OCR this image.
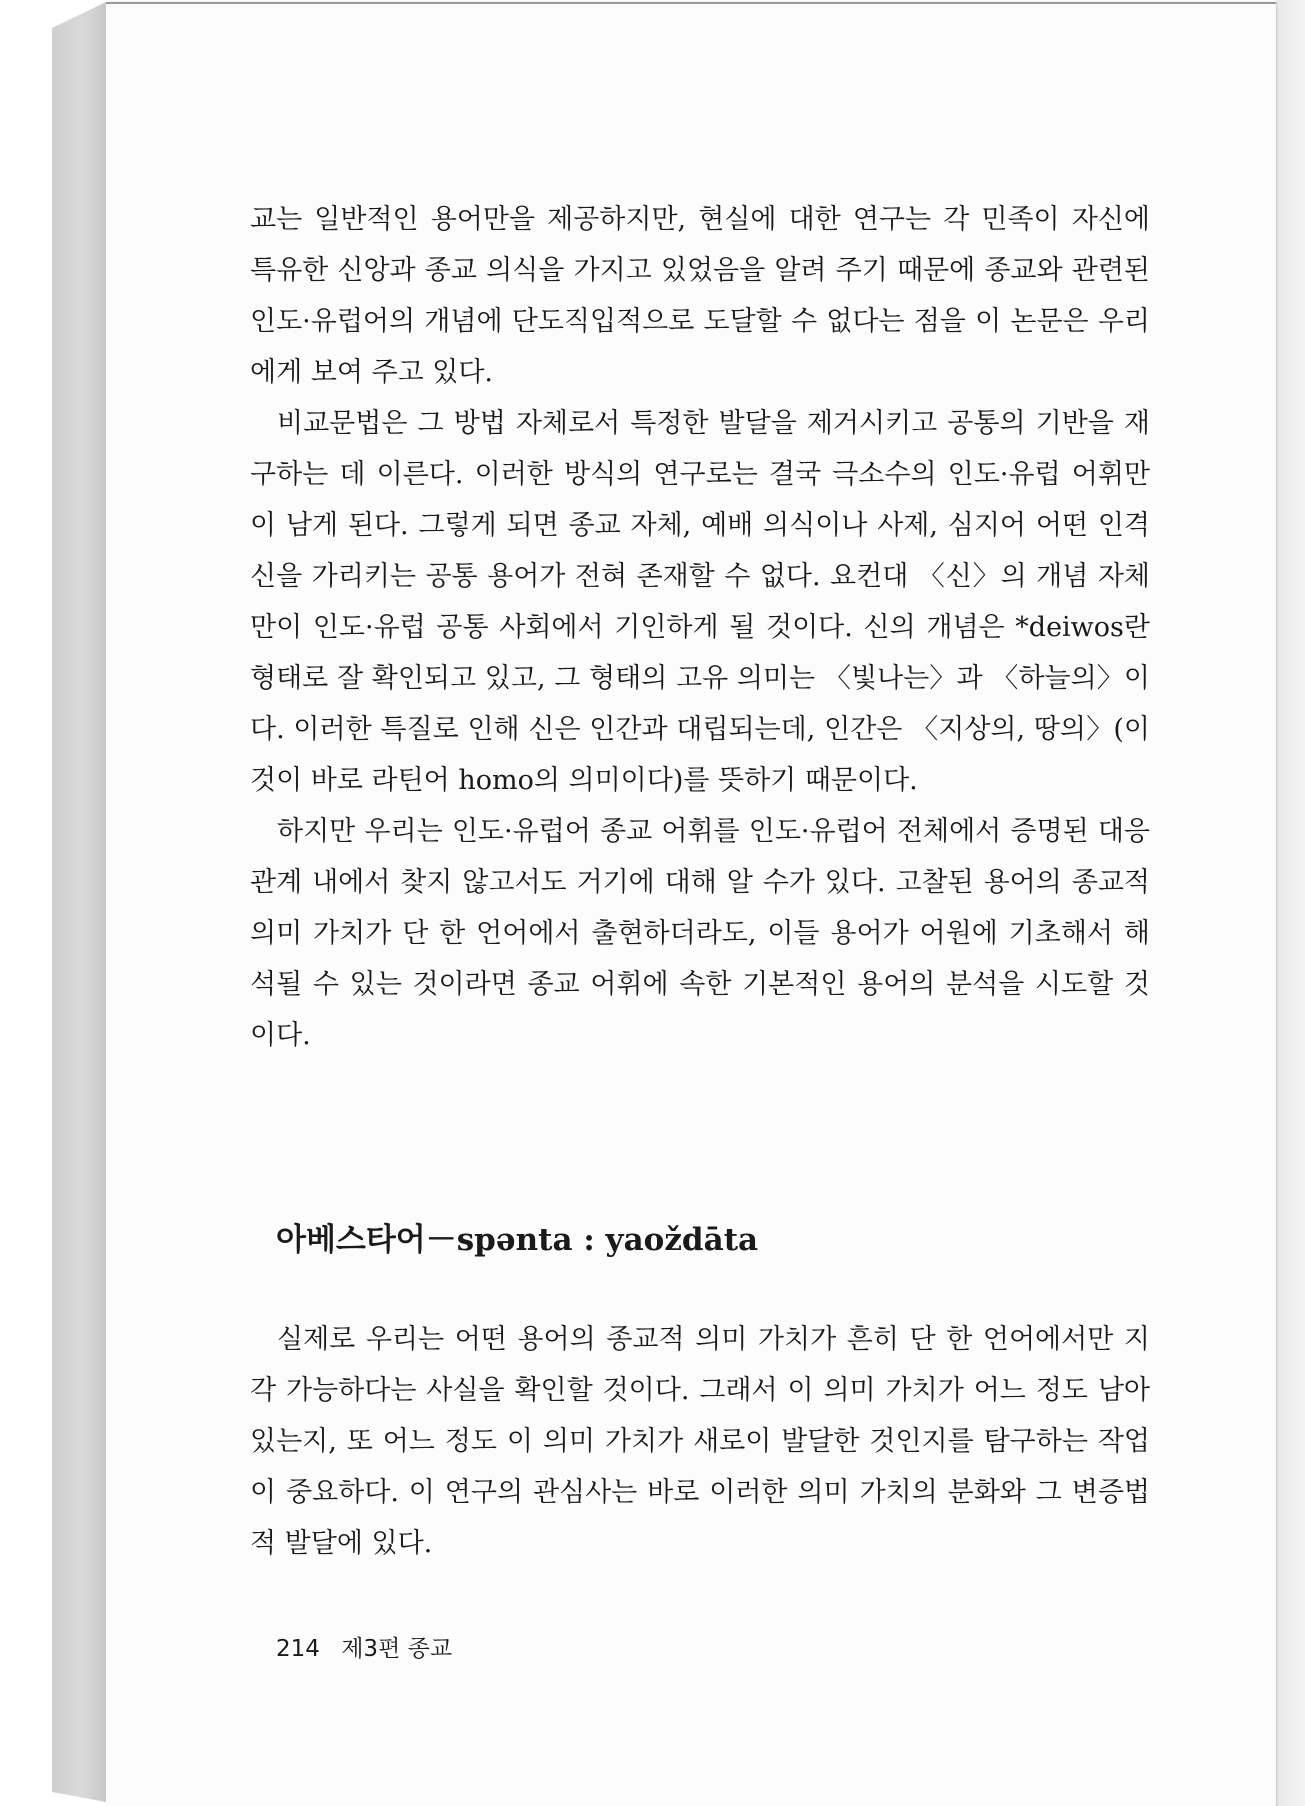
교는 일반적인 용어만을 제공하지만, 현실에 대한 연구는 각 민족이 자신에 특유한 신앙과 종교 의식을 가지고 있었음을 알려 주기 때문에 종교와 관련된 인도·유럽어의 개념에 단도직입적으로 도달할 수 없다는 점을 이 논문은 우리에게 보여 주고 있다.

비교문법은 그 방법 자체로서 특정한 발달을 제거시키고 공통의 기반을 재구하는 데 이른다. 이러한 방식의 연구로는 결국 극소수의 인도·유럽 어휘만이 남게 된다. 그렇게 되면 종교 자체, 예배 의식이나 사제, 심지어 어떤 인격신을 가리키는 공통 용어가 전혀 존재할 수 없다. 요컨대 〈신〉의 개념 자체만이 인도·유럽 공통 사회에서 기인하게 될 것이다. 신의 개념은 *deiwos란 형태로 잘 확인되고 있고, 그 형태의 고유 의미는 〈빛나는〉과 〈하늘의〉이다. 이러한 특질로 인해 신은 인간과 대립되는데, 인간은 〈지상의, 땅의〉(이것이 바로 라틴어 homo의 의미이다)를 뜻하기 때문이다.

하지만 우리는 인도·유럽어 종교 어휘를 인도·유럽어 전체에서 증명된 대응 관계 내에서 찾지 않고서도 거기에 대해 알 수가 있다. 고찰된 용어의 종교적 의미 가치가 단 한 언어에서 출현하더라도, 이들 용어가 어원에 기초해서 해석될 수 있는 것이라면 종교 어휘에 속한 기본적인 용어의 분석을 시도할 것이다.

아베스타어－spənta : yaoždāta

실제로 우리는 어떤 용어의 종교적 의미 가치가 흔히 단 한 언어에서만 지각 가능하다는 사실을 확인할 것이다. 그래서 이 의미 가치가 어느 정도 남아 있는지, 또 어느 정도 이 의미 가치가 새로이 발달한 것인지를 탐구하는 작업이 중요하다. 이 연구의 관심사는 바로 이러한 의미 가치의 분화와 그 변증법적 발달에 있다.

214 제3편 종교
